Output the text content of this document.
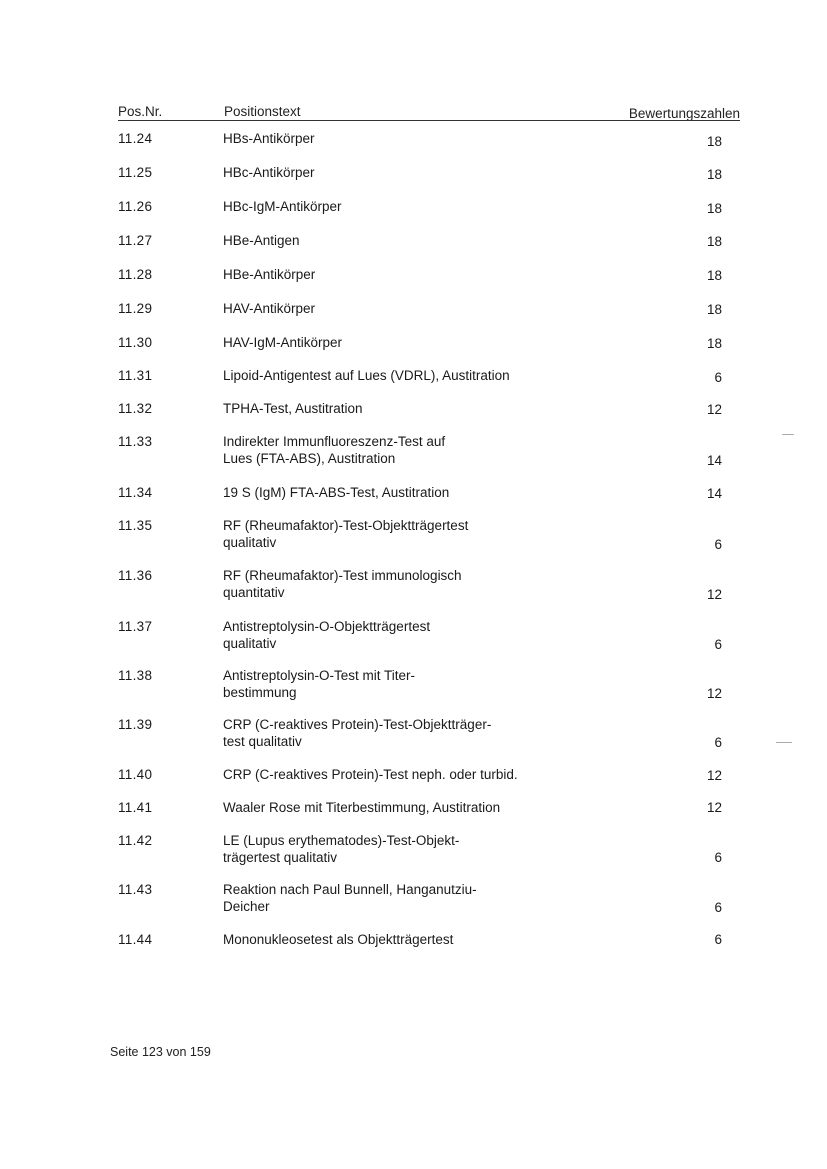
Pos.Nr.	Positionstext	Bewertungszahlen
11.24	HBs-Antikörper	18
11.25	HBc-Antikörper	18
11.26	HBc-IgM-Antikörper	18
11.27	HBe-Antigen	18
11.28	HBe-Antikörper	18
11.29	HAV-Antikörper	18
11.30	HAV-IgM-Antikörper	18
11.31	Lipoid-Antigentest auf Lues (VDRL), Austitration	6
11.32	TPHA-Test, Austitration	12
11.33	Indirekter Immunfluoreszenz-Test auf
Lues (FTA-ABS), Austitration	14
11.34	19 S (IgM) FTA-ABS-Test, Austitration	14
11.35	RF (Rheumafaktor)-Test-Objektträgertest
qualitativ	6
11.36	RF (Rheumafaktor)-Test immunologisch
quantitativ	12
11.37	Antistreptolysin-O-Objektträgertest
qualitativ	6
11.38	Antistreptolysin-O-Test mit Titer-
bestimmung	12
11.39	CRP (C-reaktives Protein)-Test-Objektträger-
test qualitativ	6
11.40	CRP (C-reaktives Protein)-Test neph. oder turbid.	12
11.41	Waaler Rose mit Titerbestimmung, Austitration	12
11.42	LE (Lupus erythematodes)-Test-Objekt-
trägertest qualitativ	6
11.43	Reaktion nach Paul Bunnell, Hanganutziu-
Deicher	6
11.44	Mononukleosetest als Objektträgertest	6
Seite 123 von 159
